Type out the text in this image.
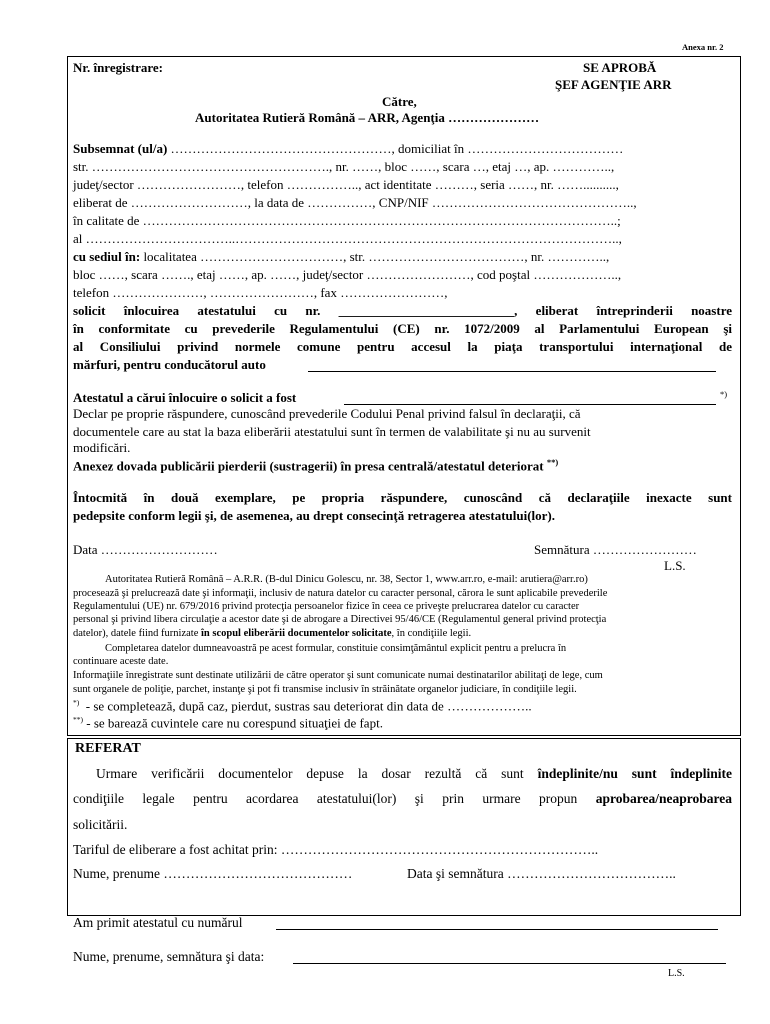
Anexa nr. 2
Nr. înregistrare:	SE APROBĂ
ŞEF AGENŢIE ARR
Către,
Autoritatea Rutieră Română – ARR, Agenţia …………………
Subsemnat (ul/a) ……………………………………………, domiciliat în ………………………………
str. ………………………………………………., nr. ……, bloc ……, scara …, etaj …, ap. …………..,
judeţ/sector ……………………, telefon …………….., act identitate ………, seria ……, nr. ……..........,
eliberat de ………………………, la data de ……………, CNP/NIF ………………………………………..,
în calitate de ………………………………………………………………………………………………..;
al ……………………………..……………………………………………………………………………..,
cu sediul în: localitatea ……………………………, str. ………………………………, nr. …………..,
bloc ……, scara ……., etaj ……, ap. ……, judeţ/sector ……………………, cod poştal ………………..,
telefon …………………, ……………………, fax ……………………,
solicit înlocuirea atestatului cu nr. ___________________________, eliberat întreprinderii noastre
în conformitate cu prevederile Regulamentului (CE) nr. 1072/2009 al Parlamentului European şi
al Consiliului privind normele comune pentru accesul la piaţa transportului internaţional de
mărfuri, pentru conducătorul auto
Atestatul a cărui înlocuire o solicit a fost	*)
Declar pe proprie răspundere, cunoscând prevederile Codului Penal privind falsul în declaraţii, că
documentele care au stat la baza eliberării atestatului sunt în termen de valabilitate şi nu au survenit
modificări.
Anexez dovada publicării pierderii (sustragerii) în presa centrală/atestatul deteriorat **)
Întocmită în două exemplare, pe propria răspundere, cunoscând că declaraţiile inexacte sunt
pedepsite conform legii şi, de asemenea, au drept consecinţă retragerea atestatului(lor).
Data ………………………	Semnătura ……………………
L.S.
Autoritatea Rutieră Română – A.R.R. (B-dul Dinicu Golescu, nr. 38, Sector 1, www.arr.ro, e-mail: arutiera@arr.ro)
procesează şi prelucrează date şi informaţii, inclusiv de natura datelor cu caracter personal, cărora le sunt aplicabile prevederile
Regulamentului (UE) nr. 679/2016 privind protecţia persoanelor fizice în ceea ce priveşte prelucrarea datelor cu caracter
personal şi privind libera circulaţie a acestor date şi de abrogare a Directivei 95/46/CE (Regulamentul general privind protecţia
datelor), datele fiind furnizate în scopul eliberării documentelor solicitate, în condiţiile legii.
Completarea datelor dumneavoastră pe acest formular, constituie consimţământul explicit pentru a prelucra în
continuare aceste date.
Informaţiile înregistrate sunt destinate utilizării de către operator şi sunt comunicate numai destinatarilor abilitaţi de lege, cum
sunt organele de poliţie, parchet, instanţe şi pot fi transmise inclusiv în străinătate organelor judiciare, în condiţiile legii.
*) - se completează, după caz, pierdut, sustras sau deteriorat din data de ………………..
**) - se barează cuvintele care nu corespund situaţiei de fapt.
REFERAT
Urmare verificării documentelor depuse la dosar rezultă că sunt îndeplinite/nu sunt îndeplinite
condiţiile legale pentru acordarea atestatului(lor) şi prin urmare propun aprobarea/neaprobarea
solicitării.
Tariful de eliberare a fost achitat prin: ……………………………………………………………..
Nume, prenume ……………………………………	Data şi semnătura ………………………………..
Am primit atestatul cu numărul
Nume, prenume, semnătura şi data:
L.S.
